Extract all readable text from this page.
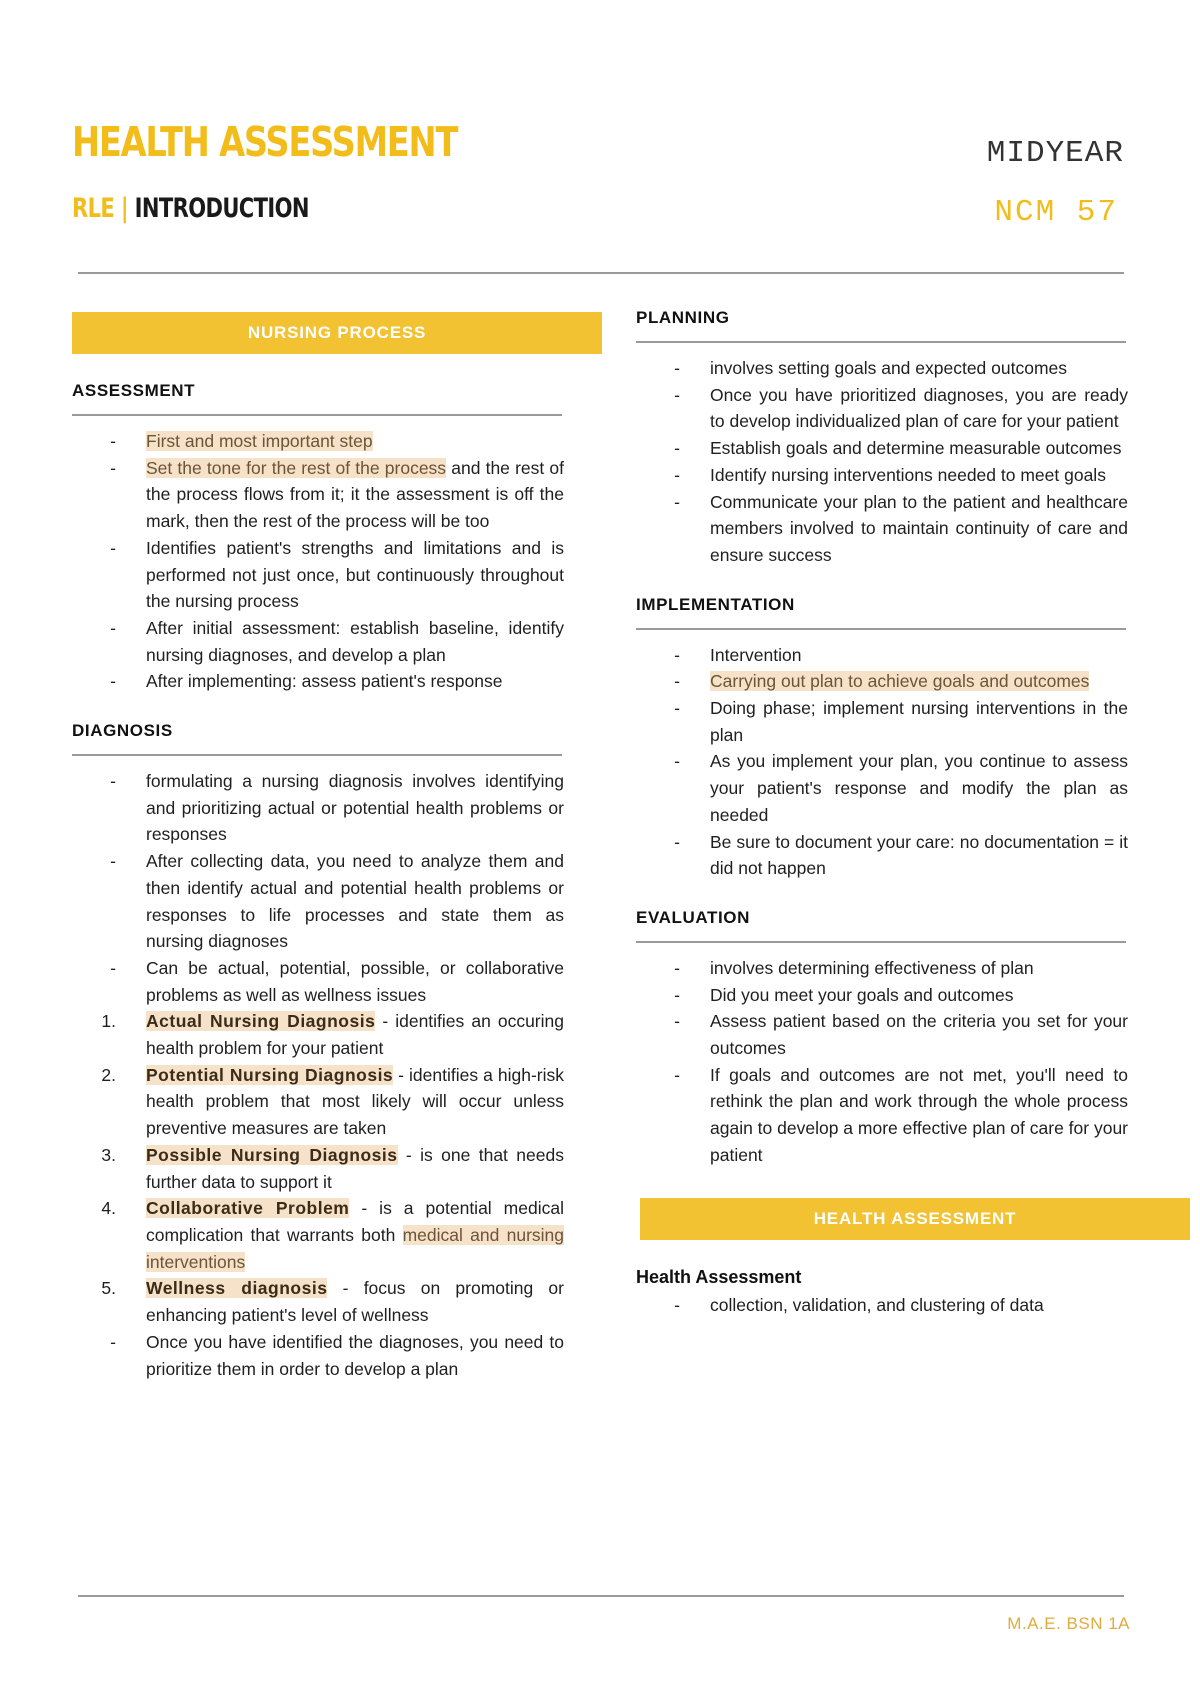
HEALTH ASSESSMENT
RLE | INTRODUCTION
MIDYEAR
NCM 57
NURSING PROCESS
ASSESSMENT
- First and most important step
- Set the tone for the rest of the process and the rest of the process flows from it; it the assessment is off the mark, then the rest of the process will be too
- Identifies patient's strengths and limitations and is performed not just once, but continuously throughout the nursing process
- After initial assessment: establish baseline, identify nursing diagnoses, and develop a plan
- After implementing: assess patient's response
DIAGNOSIS
- formulating a nursing diagnosis involves identifying and prioritizing actual or potential health problems or responses
- After collecting data, you need to analyze them and then identify actual and potential health problems or responses to life processes and state them as nursing diagnoses
- Can be actual, potential, possible, or collaborative problems as well as wellness issues
1. Actual Nursing Diagnosis - identifies an occuring health problem for your patient
2. Potential Nursing Diagnosis - identifies a high-risk health problem that most likely will occur unless preventive measures are taken
3. Possible Nursing Diagnosis - is one that needs further data to support it
4. Collaborative Problem - is a potential medical complication that warrants both medical and nursing interventions
5. Wellness diagnosis - focus on promoting or enhancing patient's level of wellness
- Once you have identified the diagnoses, you need to prioritize them in order to develop a plan
PLANNING
- involves setting goals and expected outcomes
- Once you have prioritized diagnoses, you are ready to develop individualized plan of care for your patient
- Establish goals and determine measurable outcomes
- Identify nursing interventions needed to meet goals
- Communicate your plan to the patient and healthcare members involved to maintain continuity of care and ensure success
IMPLEMENTATION
- Intervention
- Carrying out plan to achieve goals and outcomes
- Doing phase; implement nursing interventions in the plan
- As you implement your plan, you continue to assess your patient's response and modify the plan as needed
- Be sure to document your care: no documentation = it did not happen
EVALUATION
- involves determining effectiveness of plan
- Did you meet your goals and outcomes
- Assess patient based on the criteria you set for your outcomes
- If goals and outcomes are not met, you'll need to rethink the plan and work through the whole process again to develop a more effective plan of care for your patient
HEALTH ASSESSMENT
Health Assessment
- collection, validation, and clustering of data
M.A.E. BSN 1A
